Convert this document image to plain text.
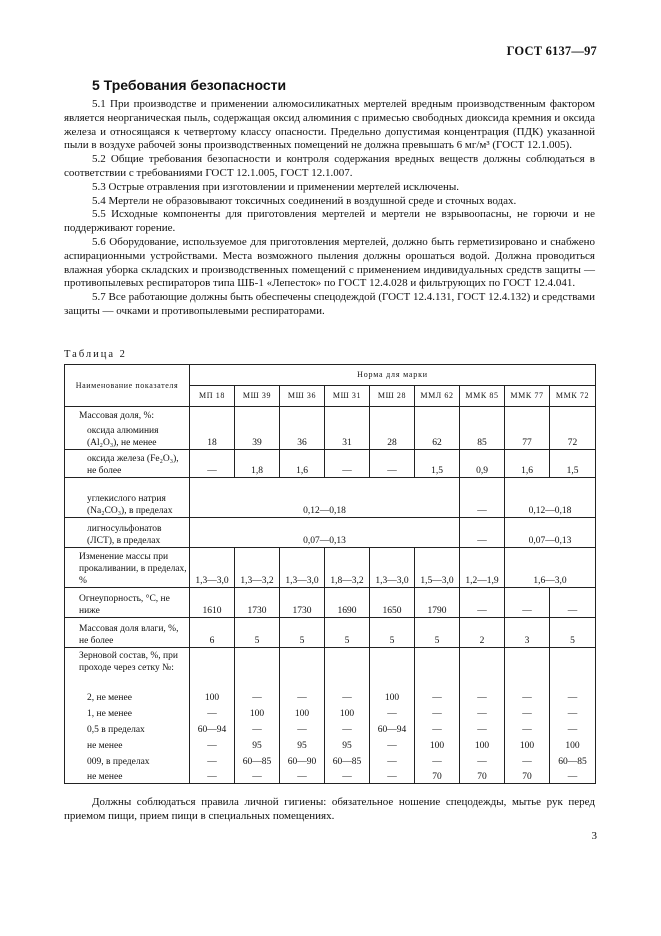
ГОСТ 6137—97
5 Требования безопасности

5.1 При производстве и применении алюмосиликатных мертелей вредным производственным фактором является неорганическая пыль, содержащая оксид алюминия с примесью свободных диоксида кремния и оксида железа и относящаяся к четвертому классу опасности. Предельно допустимая концентрация (ПДК) указанной пыли в воздухе рабочей зоны производственных помещений не должна превышать 6 мг/м³ (ГОСТ 12.1.005).

5.2 Общие требования безопасности и контроля содержания вредных веществ должны соблюдаться в соответствии с требованиями ГОСТ 12.1.005, ГОСТ 12.1.007.

5.3 Острые отравления при изготовлении и применении мертелей исключены.

5.4 Мертели не образовывают токсичных соединений в воздушной среде и сточных водах.

5.5 Исходные компоненты для приготовления мертелей и мертели не взрывоопасны, не горючи и не поддерживают горение.

5.6 Оборудование, используемое для приготовления мертелей, должно быть герметизировано и снабжено аспирационными устройствами. Места возможного пыления должны орошаться водой. Должна проводиться влажная уборка складских и производственных помещений с применением индивидуальных средств защиты — противопылевых респираторов типа ШБ-1 «Лепесток» по ГОСТ 12.4.028 и фильтрующих по ГОСТ 12.4.041.

5.7 Все работающие должны быть обеспечены спецодеждой (ГОСТ 12.4.131, ГОСТ 12.4.132) и средствами защиты — очками и противопылевыми респираторами.

Таблица 2
Наименование показателя	Норма для марки								
	МП 18	МШ 39	МШ 36	МШ 31	МШ 28	ММЛ 62	ММК 85	ММК 77	ММК 72
Массовая доля, %:									
оксида алюминия (Al₂O₃), не менее	18	39	36	31	28	62	85	77	72
оксида железа (Fe₂O₃), не более	—	1,8	1,6	—	—	1,5	0,9	1,6	1,5
углекислого натрия (Na₂CO₃), в пределах	0,12—0,18						—	0,12—0,18	
лигносульфонатов (ЛСТ), в пределах	0,07—0,13						—	0,07—0,13	
Изменение массы при прокаливании, в пределах, %	1,3—3,0	1,3—3,2	1,3—3,0	1,8—3,2	1,3—3,0	1,5—3,0	1,2—1,9	1,6—3,0	
Огнеупорность, °С, не ниже	1610	1730	1730	1690	1650	1790	—	—	—
Массовая доля влаги, %, не более	6	5	5	5	5	5	2	3	5
Зерновой состав, %, при проходе через сетку №:									
2, не менее	100	—	—	—	100	—	—	—	—
1, не менее	—	100	100	100	—	—	—	—	—
0,5 в пределах	60—94	—	—	—	60—94	—	—	—	—
не менее	—	95	95	95	—	100	100	100	100
009, в пределах	—	60—85	60—90	60—85	—	—	—	—	60—85
не менее	—	—	—	—	—	70	70	70	—

Должны соблюдаться правила личной гигиены: обязательное ношение спецодежды, мытье рук перед приемом пищи, прием пищи в специальных помещениях.

3
